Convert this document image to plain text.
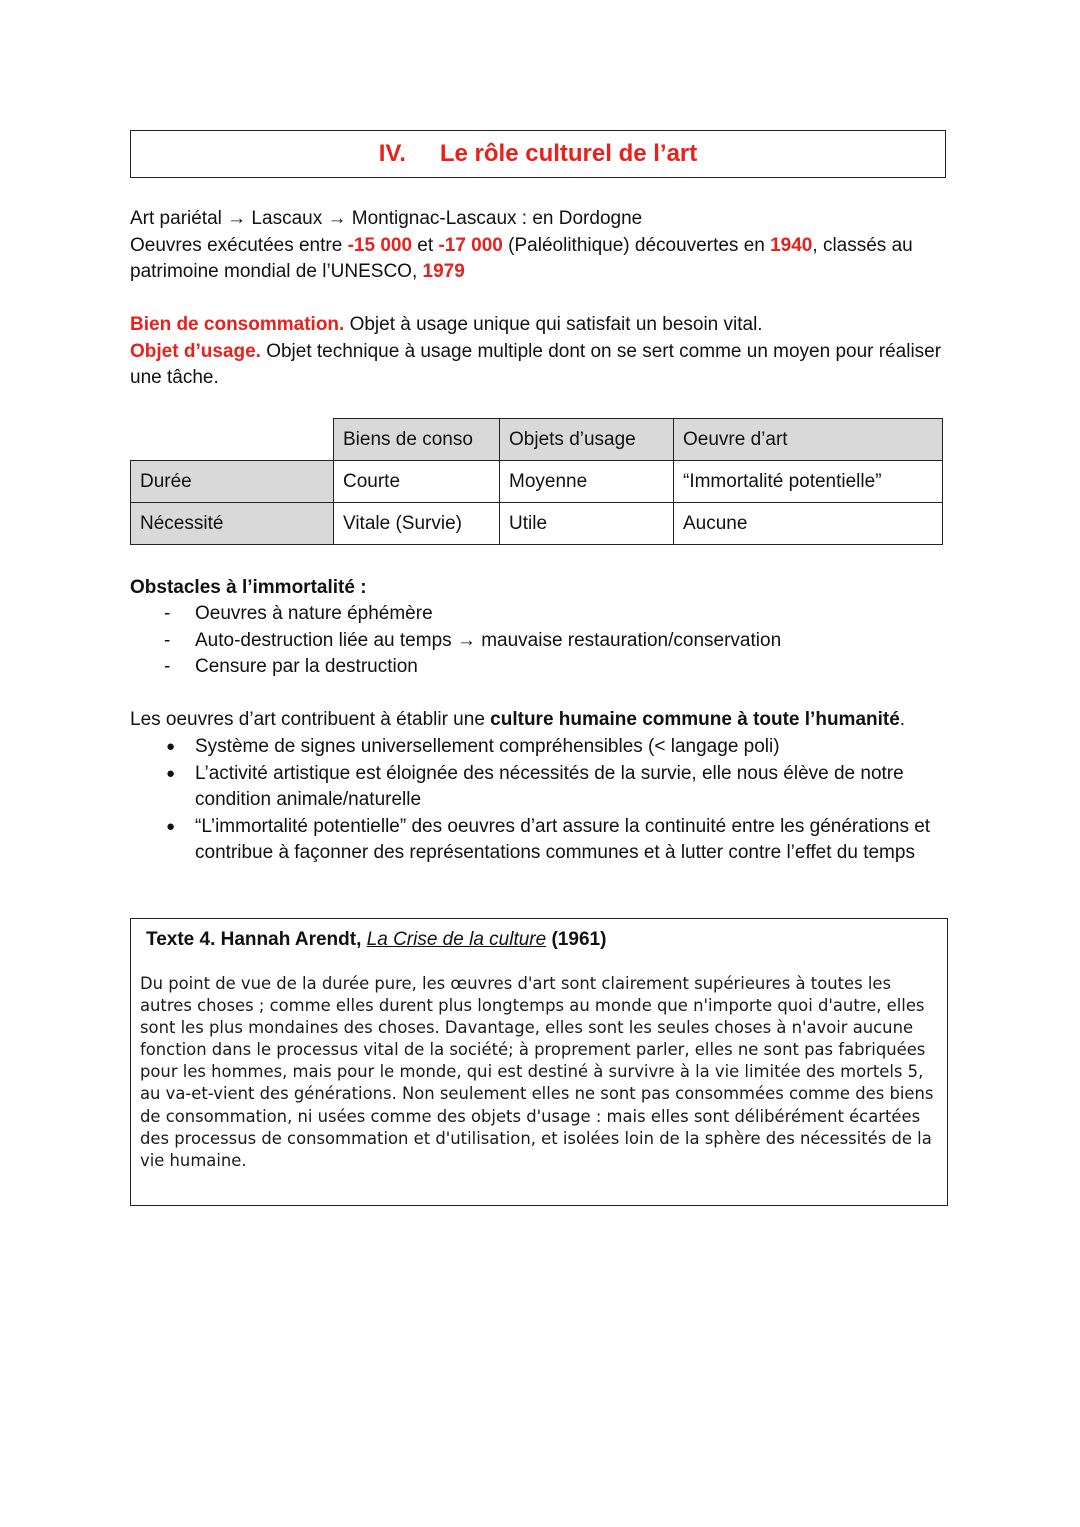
IV. Le rôle culturel de l’art
Art pariétal → Lascaux → Montignac-Lascaux : en Dordogne
Oeuvres exécutées entre -15 000 et -17 000 (Paléolithique) découvertes en 1940, classés au patrimoine mondial de l’UNESCO, 1979
Bien de consommation. Objet à usage unique qui satisfait un besoin vital.
Objet d’usage. Objet technique à usage multiple dont on se sert comme un moyen pour réaliser une tâche.
	Biens de conso	Objets d’usage	Oeuvre d’art
Durée	Courte	Moyenne	“Immortalité potentielle”
Nécessité	Vitale (Survie)	Utile	Aucune
Obstacles à l’immortalité :
- Oeuvres à nature éphémère
- Auto-destruction liée au temps → mauvaise restauration/conservation
- Censure par la destruction
Les oeuvres d’art contribuent à établir une culture humaine commune à toute l’humanité.
● Système de signes universellement compréhensibles (< langage poli)
● L’activité artistique est éloignée des nécessités de la survie, elle nous élève de notre condition animale/naturelle
● “L’immortalité potentielle” des oeuvres d’art assure la continuité entre les générations et contribue à façonner des représentations communes et à lutter contre l’effet du temps
Texte 4. Hannah Arendt, La Crise de la culture (1961)
Du point de vue de la durée pure, les œuvres d'art sont clairement supérieures à toutes les autres choses ; comme elles durent plus longtemps au monde que n'importe quoi d'autre, elles sont les plus mondaines des choses. Davantage, elles sont les seules choses à n'avoir aucune fonction dans le processus vital de la société; à proprement parler, elles ne sont pas fabriquées pour les hommes, mais pour le monde, qui est destiné à survivre à la vie limitée des mortels 5, au va-et-vient des générations. Non seulement elles ne sont pas consommées comme des biens de consommation, ni usées comme des objets d'usage : mais elles sont délibérément écartées des processus de consommation et d'utilisation, et isolées loin de la sphère des nécessités de la vie humaine.
